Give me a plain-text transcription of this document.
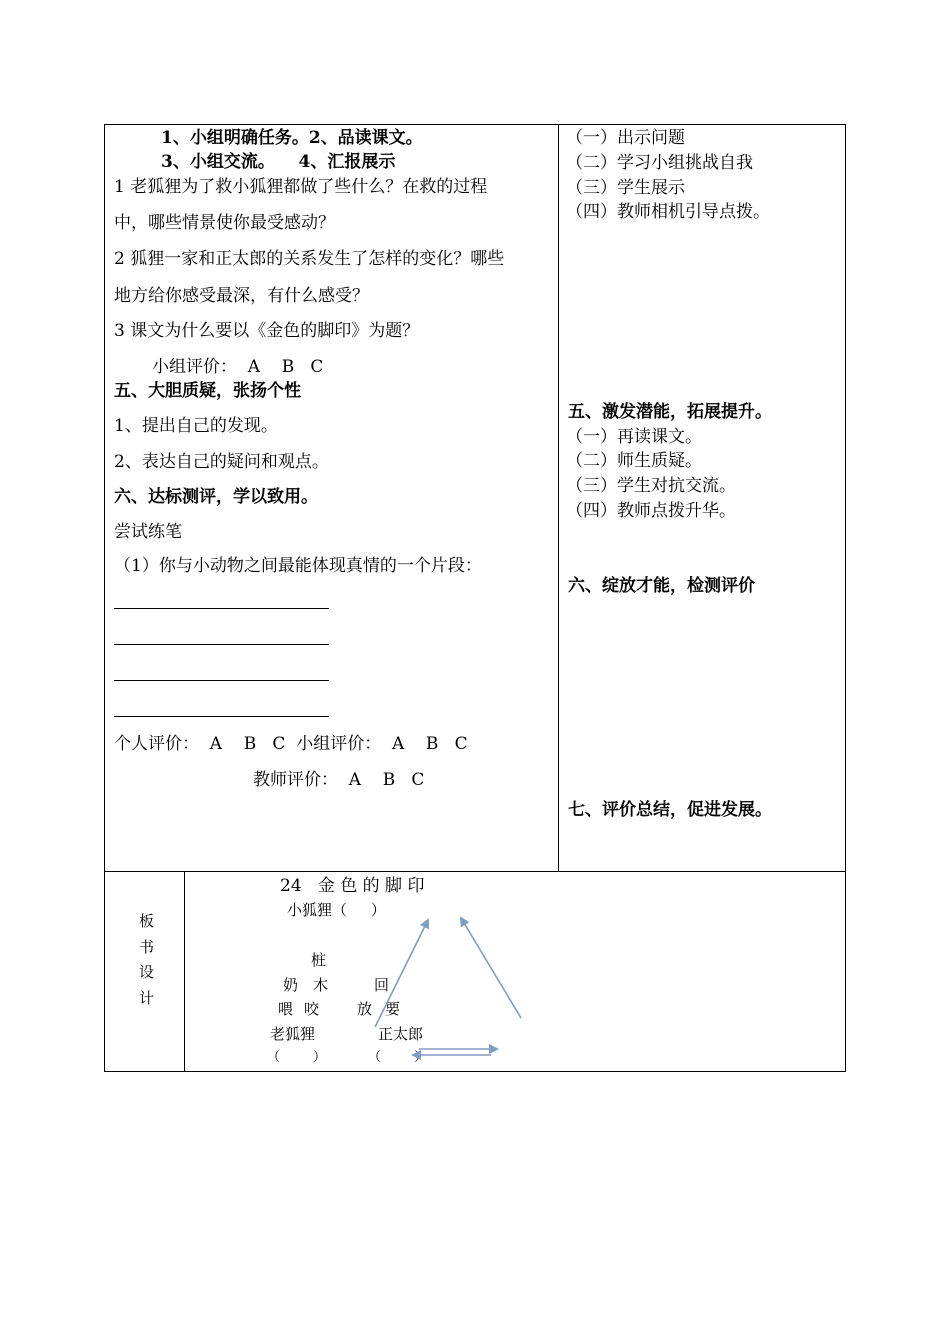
1、小组明确任务。2、品读课文。
3、小组交流。    4、汇报展示
1 老狐狸为了救小狐狸都做了些什么？在救的过程
中，哪些情景使你最受感动？
2 狐狸一家和正太郎的关系发生了怎样的变化？哪些
地方给你感受最深，有什么感受？
3 课文为什么要以《金色的脚印》为题？
小组评价：  A    B   C
五、大胆质疑，张扬个性
1、提出自己的发现。
2、表达自己的疑问和观点。
六、达标测评，学以致用。
尝试练笔
（1）你与小动物之间最能体现真情的一个片段：
个人评价：  A    B   C  小组评价：  A    B   C
教师评价：  A    B   C
（一）出示问题
（二）学习小组挑战自我
（三）学生展示
（四）教师相机引导点拨。
五、激发潜能，拓展提升。
（一）再读课文。
（二）师生质疑。
（三）学生对抗交流。
（四）教师点拨升华。
六、绽放才能，检测评价
七、评价总结，促进发展。
板
书
设
计
24   金 色 的 脚 印
小狐狸（     ）
桩
奶 木	回
喂 咬	放 要
老狐狸	正太郎
（        ）	（        ）
